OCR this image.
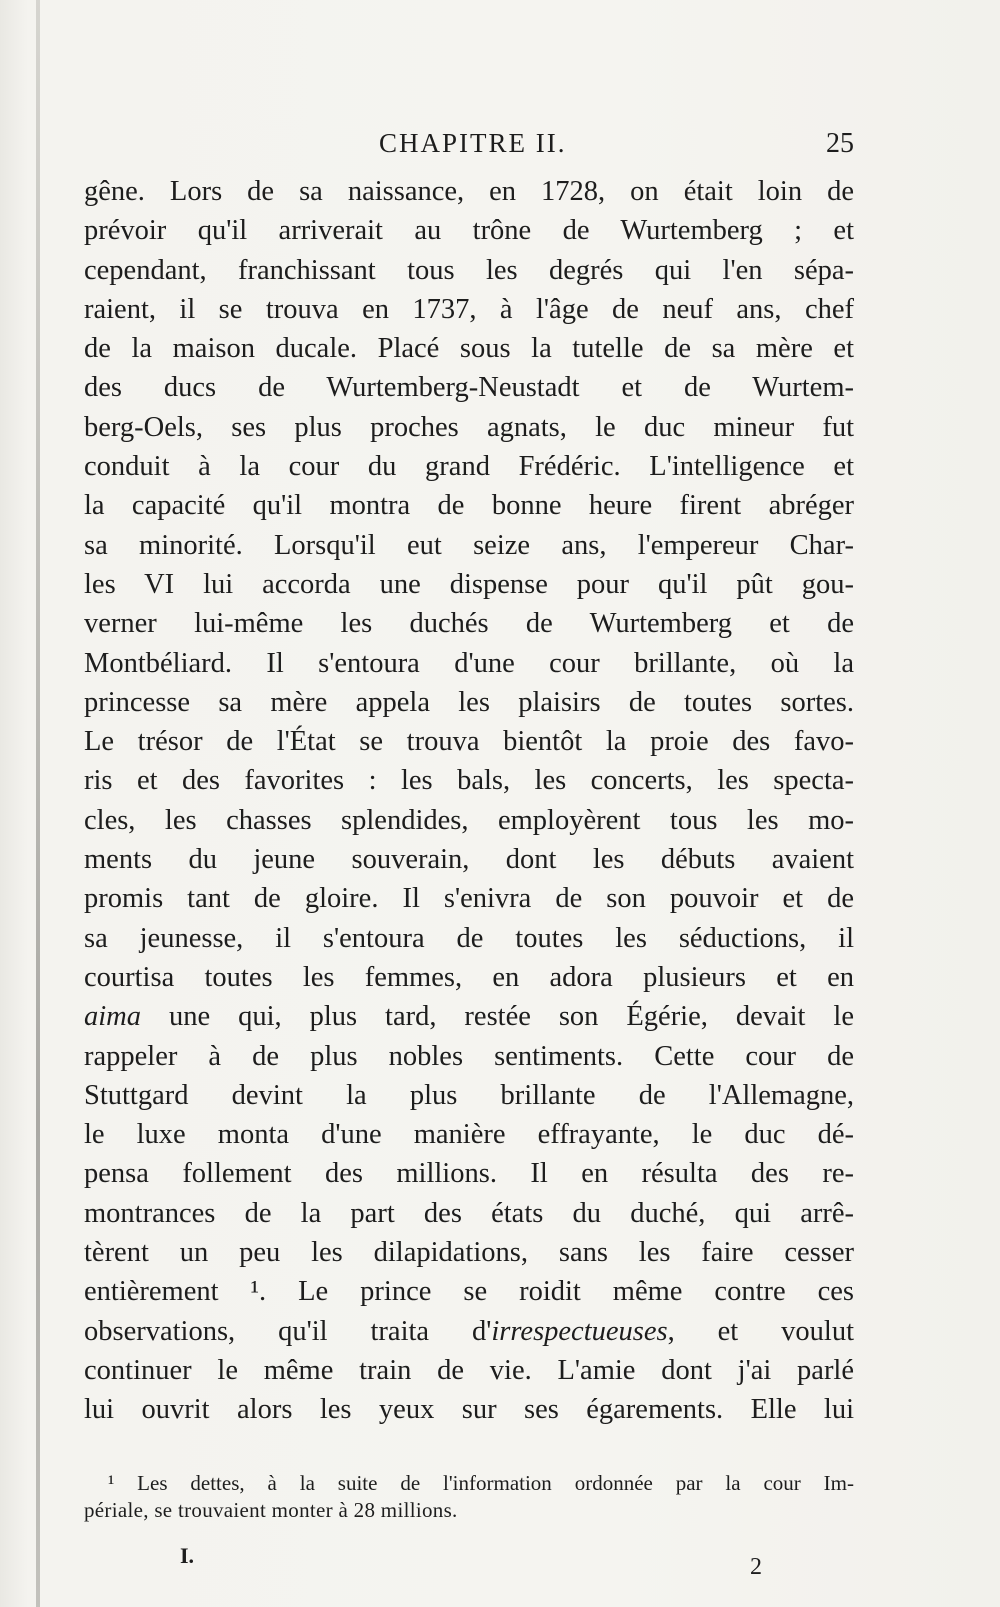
CHAPITRE II.	25
gêne. Lors de sa naissance, en 1728, on était loin de
prévoir qu'il arriverait au trône de Wurtemberg ; et
cependant, franchissant tous les degrés qui l'en sépa-
raient, il se trouva en 1737, à l'âge de neuf ans, chef
de la maison ducale. Placé sous la tutelle de sa mère et
des ducs de Wurtemberg-Neustadt et de Wurtem-
berg-Oels, ses plus proches agnats, le duc mineur fut
conduit à la cour du grand Frédéric. L'intelligence et
la capacité qu'il montra de bonne heure firent abréger
sa minorité. Lorsqu'il eut seize ans, l'empereur Char-
les VI lui accorda une dispense pour qu'il pût gou-
verner lui-même les duchés de Wurtemberg et de
Montbéliard. Il s'entoura d'une cour brillante, où la
princesse sa mère appela les plaisirs de toutes sortes.
Le trésor de l'État se trouva bientôt la proie des favo-
ris et des favorites : les bals, les concerts, les specta-
cles, les chasses splendides, employèrent tous les mo-
ments du jeune souverain, dont les débuts avaient
promis tant de gloire. Il s'enivra de son pouvoir et de
sa jeunesse, il s'entoura de toutes les séductions, il
courtisa toutes les femmes, en adora plusieurs et en
aima une qui, plus tard, restée son Égérie, devait le
rappeler à de plus nobles sentiments. Cette cour de
Stuttgard devint la plus brillante de l'Allemagne,
le luxe monta d'une manière effrayante, le duc dé-
pensa follement des millions. Il en résulta des re-
montrances de la part des états du duché, qui arrê-
tèrent un peu les dilapidations, sans les faire cesser
entièrement ¹. Le prince se roidit même contre ces
observations, qu'il traita d'irrespectueuses, et voulut
continuer le même train de vie. L'amie dont j'ai parlé
lui ouvrit alors les yeux sur ses égarements. Elle lui
¹ Les dettes, à la suite de l'information ordonnée par la cour Im-
périale, se trouvaient monter à 28 millions.
I.	2
